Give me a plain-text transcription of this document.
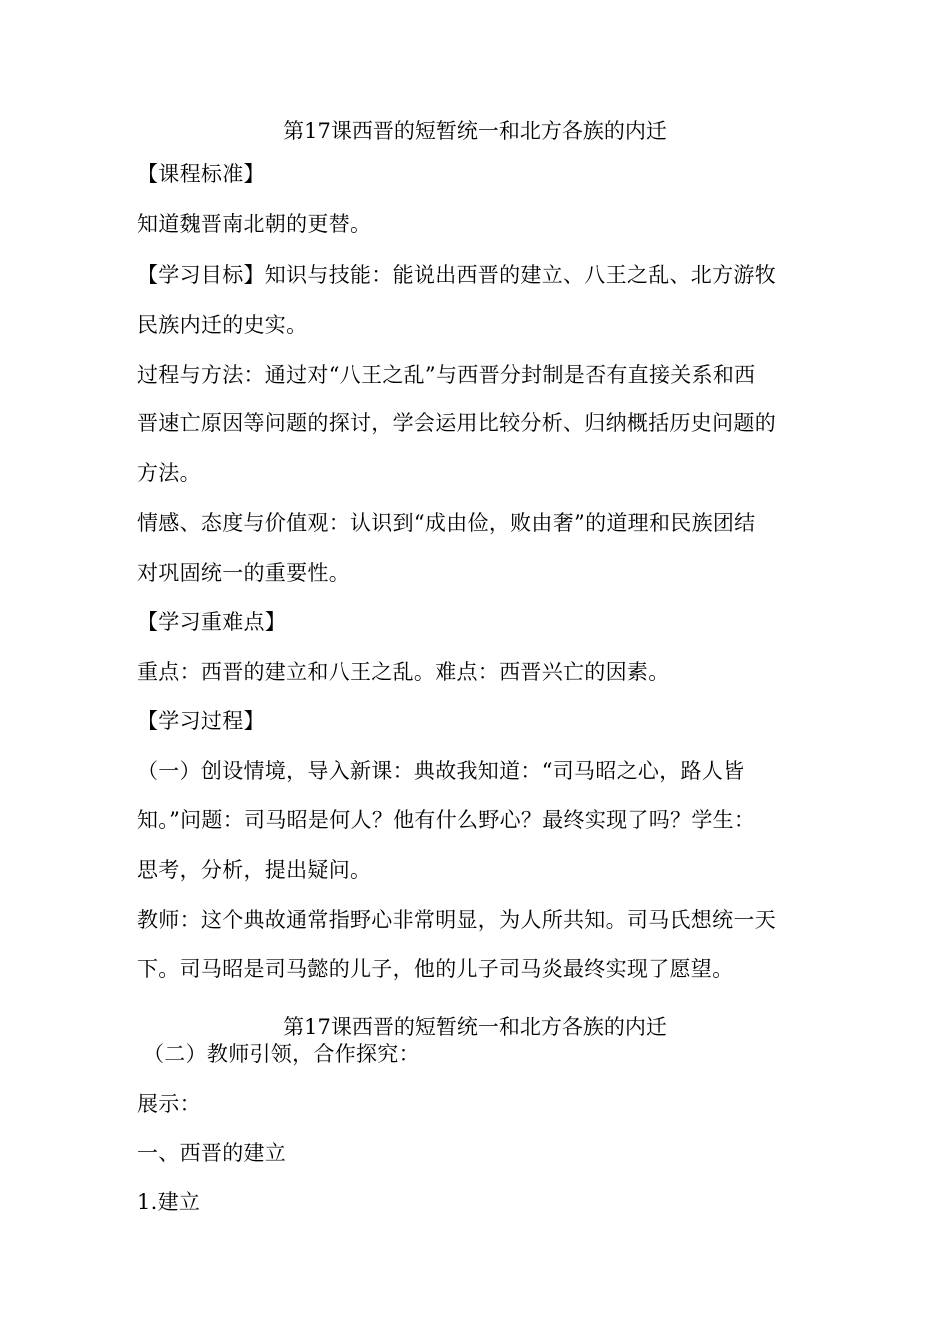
第17课西晋的短暂统一和北方各族的内迁
【课程标准】
知道魏晋南北朝的更替。
【学习目标】知识与技能：能说出西晋的建立、八王之乱、北方游牧
民族内迁的史实。
过程与方法：通过对“八王之乱”与西晋分封制是否有直接关系和西
晋速亡原因等问题的探讨，学会运用比较分析、归纳概括历史问题的
方法。
情感、态度与价值观：认识到“成由俭，败由奢”的道理和民族团结
对巩固统一的重要性。
【学习重难点】
重点：西晋的建立和八王之乱。难点：西晋兴亡的因素。
【学习过程】
（一）创设情境，导入新课：典故我知道：“司马昭之心，路人皆
知。”问题：司马昭是何人？他有什么野心？最终实现了吗？学生：
思考，分析，提出疑问。
教师：这个典故通常指野心非常明显，为人所共知。司马氏想统一天
下。司马昭是司马懿的儿子，他的儿子司马炎最终实现了愿望。
第17课西晋的短暂统一和北方各族的内迁
（二）教师引领，合作探究：
展示：
一、西晋的建立
1.建立
